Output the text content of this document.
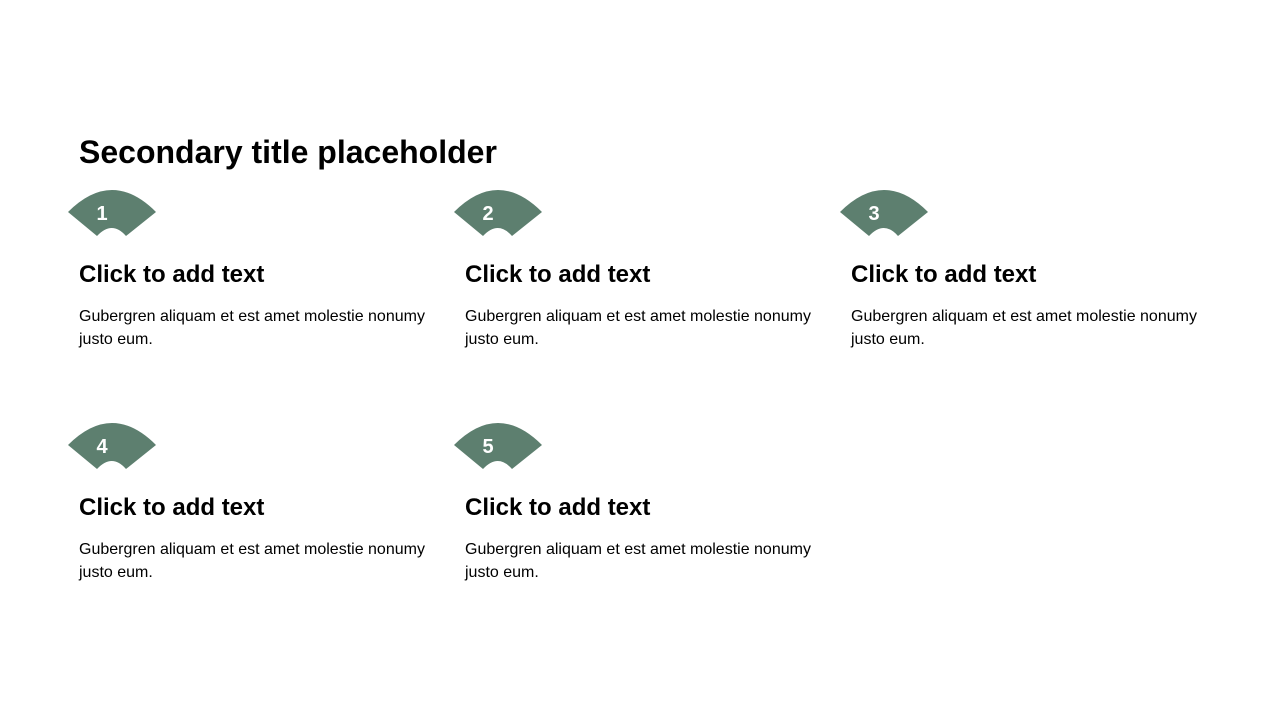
Secondary title placeholder
1
Click to add text

Gubergren aliquam et est amet molestie nonumy justo eum.

2
Click to add text

Gubergren aliquam et est amet molestie nonumy justo eum.

3
Click to add text

Gubergren aliquam et est amet molestie nonumy justo eum.

4
Click to add text

Gubergren aliquam et est amet molestie nonumy justo eum.

5
Click to add text

Gubergren aliquam et est amet molestie nonumy justo eum.
